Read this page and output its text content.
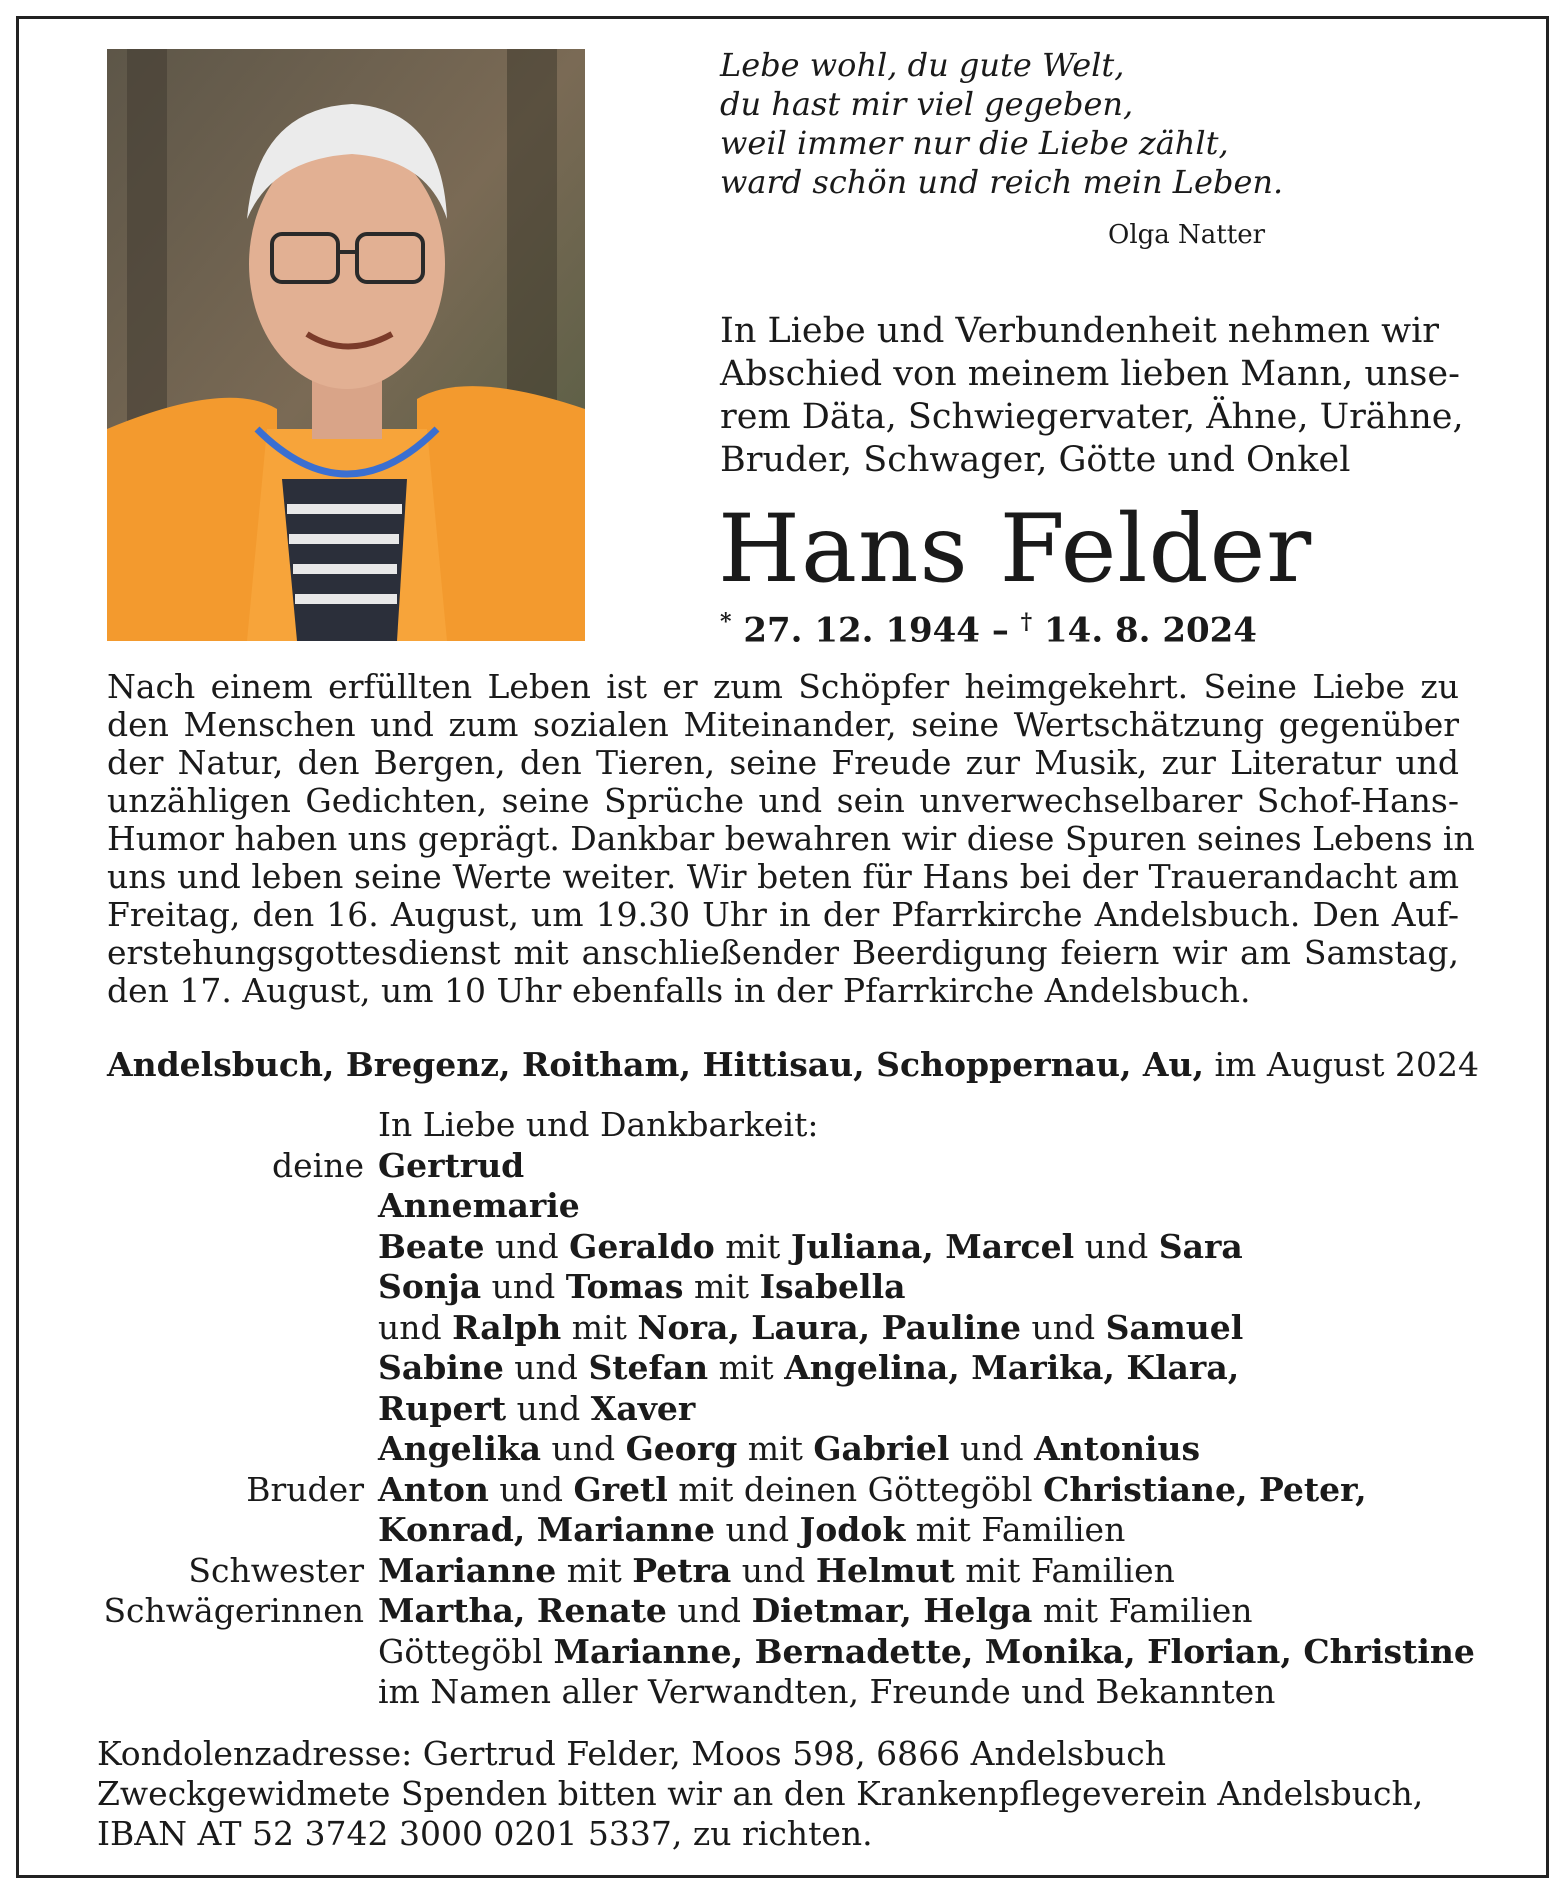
Lebe wohl, du gute Welt,
du hast mir viel gegeben,
weil immer nur die Liebe zählt,
ward schön und reich mein Leben.
Olga Natter
In Liebe und Verbundenheit nehmen wir
Abschied von meinem lieben Mann, unse-
rem Däta, Schwiegervater, Ähne, Urähne,
Bruder, Schwager, Götte und Onkel
Hans Felder
* 27. 12. 1944 – † 14. 8. 2024
Nach einem erfüllten Leben ist er zum Schöpfer heimgekehrt. Seine Liebe zu
den Menschen und zum sozialen Miteinander, seine Wertschätzung gegenüber
der Natur, den Bergen, den Tieren, seine Freude zur Musik, zur Literatur und
unzähligen Gedichten, seine Sprüche und sein unverwechselbarer Schof-Hans-
Humor haben uns geprägt. Dankbar bewahren wir diese Spuren seines Lebens in
uns und leben seine Werte weiter. Wir beten für Hans bei der Trauerandacht am
Freitag, den 16. August, um 19.30 Uhr in der Pfarrkirche Andelsbuch. Den Auf-
erstehungsgottesdienst mit anschließender Beerdigung feiern wir am Samstag,
den 17. August, um 10 Uhr ebenfalls in der Pfarrkirche Andelsbuch.
Andelsbuch, Bregenz, Roitham, Hittisau, Schoppernau, Au, im August 2024
In Liebe und Dankbarkeit:
deine Gertrud
Annemarie
Beate und Geraldo mit Juliana, Marcel und Sara
Sonja und Tomas mit Isabella
und Ralph mit Nora, Laura, Pauline und Samuel
Sabine und Stefan mit Angelina, Marika, Klara,
Rupert und Xaver
Angelika und Georg mit Gabriel und Antonius
Bruder Anton und Gretl mit deinen Göttegöbl Christiane, Peter,
Konrad, Marianne und Jodok mit Familien
Schwester Marianne mit Petra und Helmut mit Familien
Schwägerinnen Martha, Renate und Dietmar, Helga mit Familien
Göttegöbl Marianne, Bernadette, Monika, Florian, Christine
im Namen aller Verwandten, Freunde und Bekannten
Kondolenzadresse: Gertrud Felder, Moos 598, 6866 Andelsbuch
Zweckgewidmete Spenden bitten wir an den Krankenpflegeverein Andelsbuch,
IBAN AT 52 3742 3000 0201 5337, zu richten.
